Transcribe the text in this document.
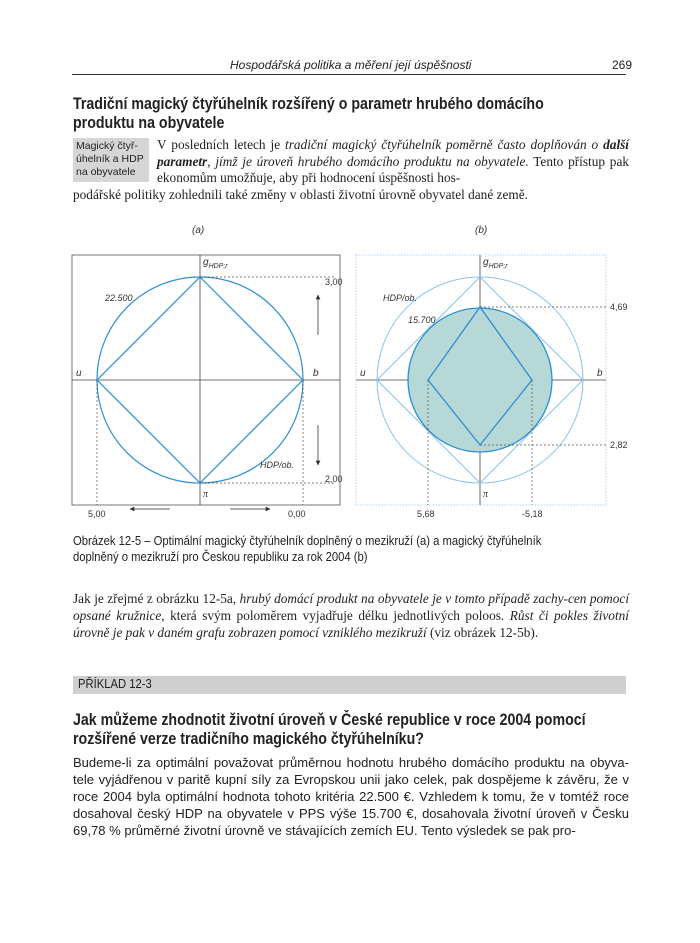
Hospodářská politika a měření její úspěšnosti	269
Tradiční magický čtyřúhelník rozšířený o parametr hrubého domácího produktu na obyvatele
Magický čtyř-úhelník a HDP na obyvatele
V posledních letech je tradiční magický čtyřúhelník poměrně často doplňován o další parametr, jímž je úroveň hrubého domácího produktu na obyvatele. Tento přístup pak ekonomům umožňuje, aby při hodnocení úspěšnosti hos-
podářské politiky zohlednili také změny v oblasti životní úrovně obyvatel dané země.
(a)
$g_{HDP;r}$
u	b
π
22.500
HDP/ob.
3,00
2,00
5,00	0,00
(b)
$g_{HDP;r}$
u	b
π
HDP/ob.
15.700
4,69
2,82
5,68	-5,18
Obrázek 12-5 – Optimální magický čtyřúhelník doplněný o mezikruží (a) a magický čtyřúhelník doplněný o mezikruží pro Českou republiku za rok 2004 (b)
Jak je zřejmé z obrázku 12-5a, hrubý domácí produkt na obyvatele je v tomto případě zachy-cen pomocí opsané kružnice, která svým poloměrem vyjadřuje délku jednotlivých poloos. Růst či pokles životní úrovně je pak v daném grafu zobrazen pomocí vzniklého mezikruží (viz obrázek 12-5b).
PŘÍKLAD 12-3
Jak můžeme zhodnotit životní úroveň v České republice v roce 2004 pomocí rozšířené verze tradičního magického čtyřúhelníku?
Budeme-li za optimální považovat průměrnou hodnotu hrubého domácího produktu na obyva-tele vyjádřenou v paritě kupní síly za Evropskou unii jako celek, pak dospějeme k závěru, že v roce 2004 byla optimální hodnota tohoto kritéria 22.500 €. Vzhledem k tomu, že v tomtéž roce dosahoval český HDP na obyvatele v PPS výše 15.700 €, dosahovala životní úroveň v Česku 69,78 % průměrné životní úrovně ve stávajících zemích EU. Tento výsledek se pak pro-
